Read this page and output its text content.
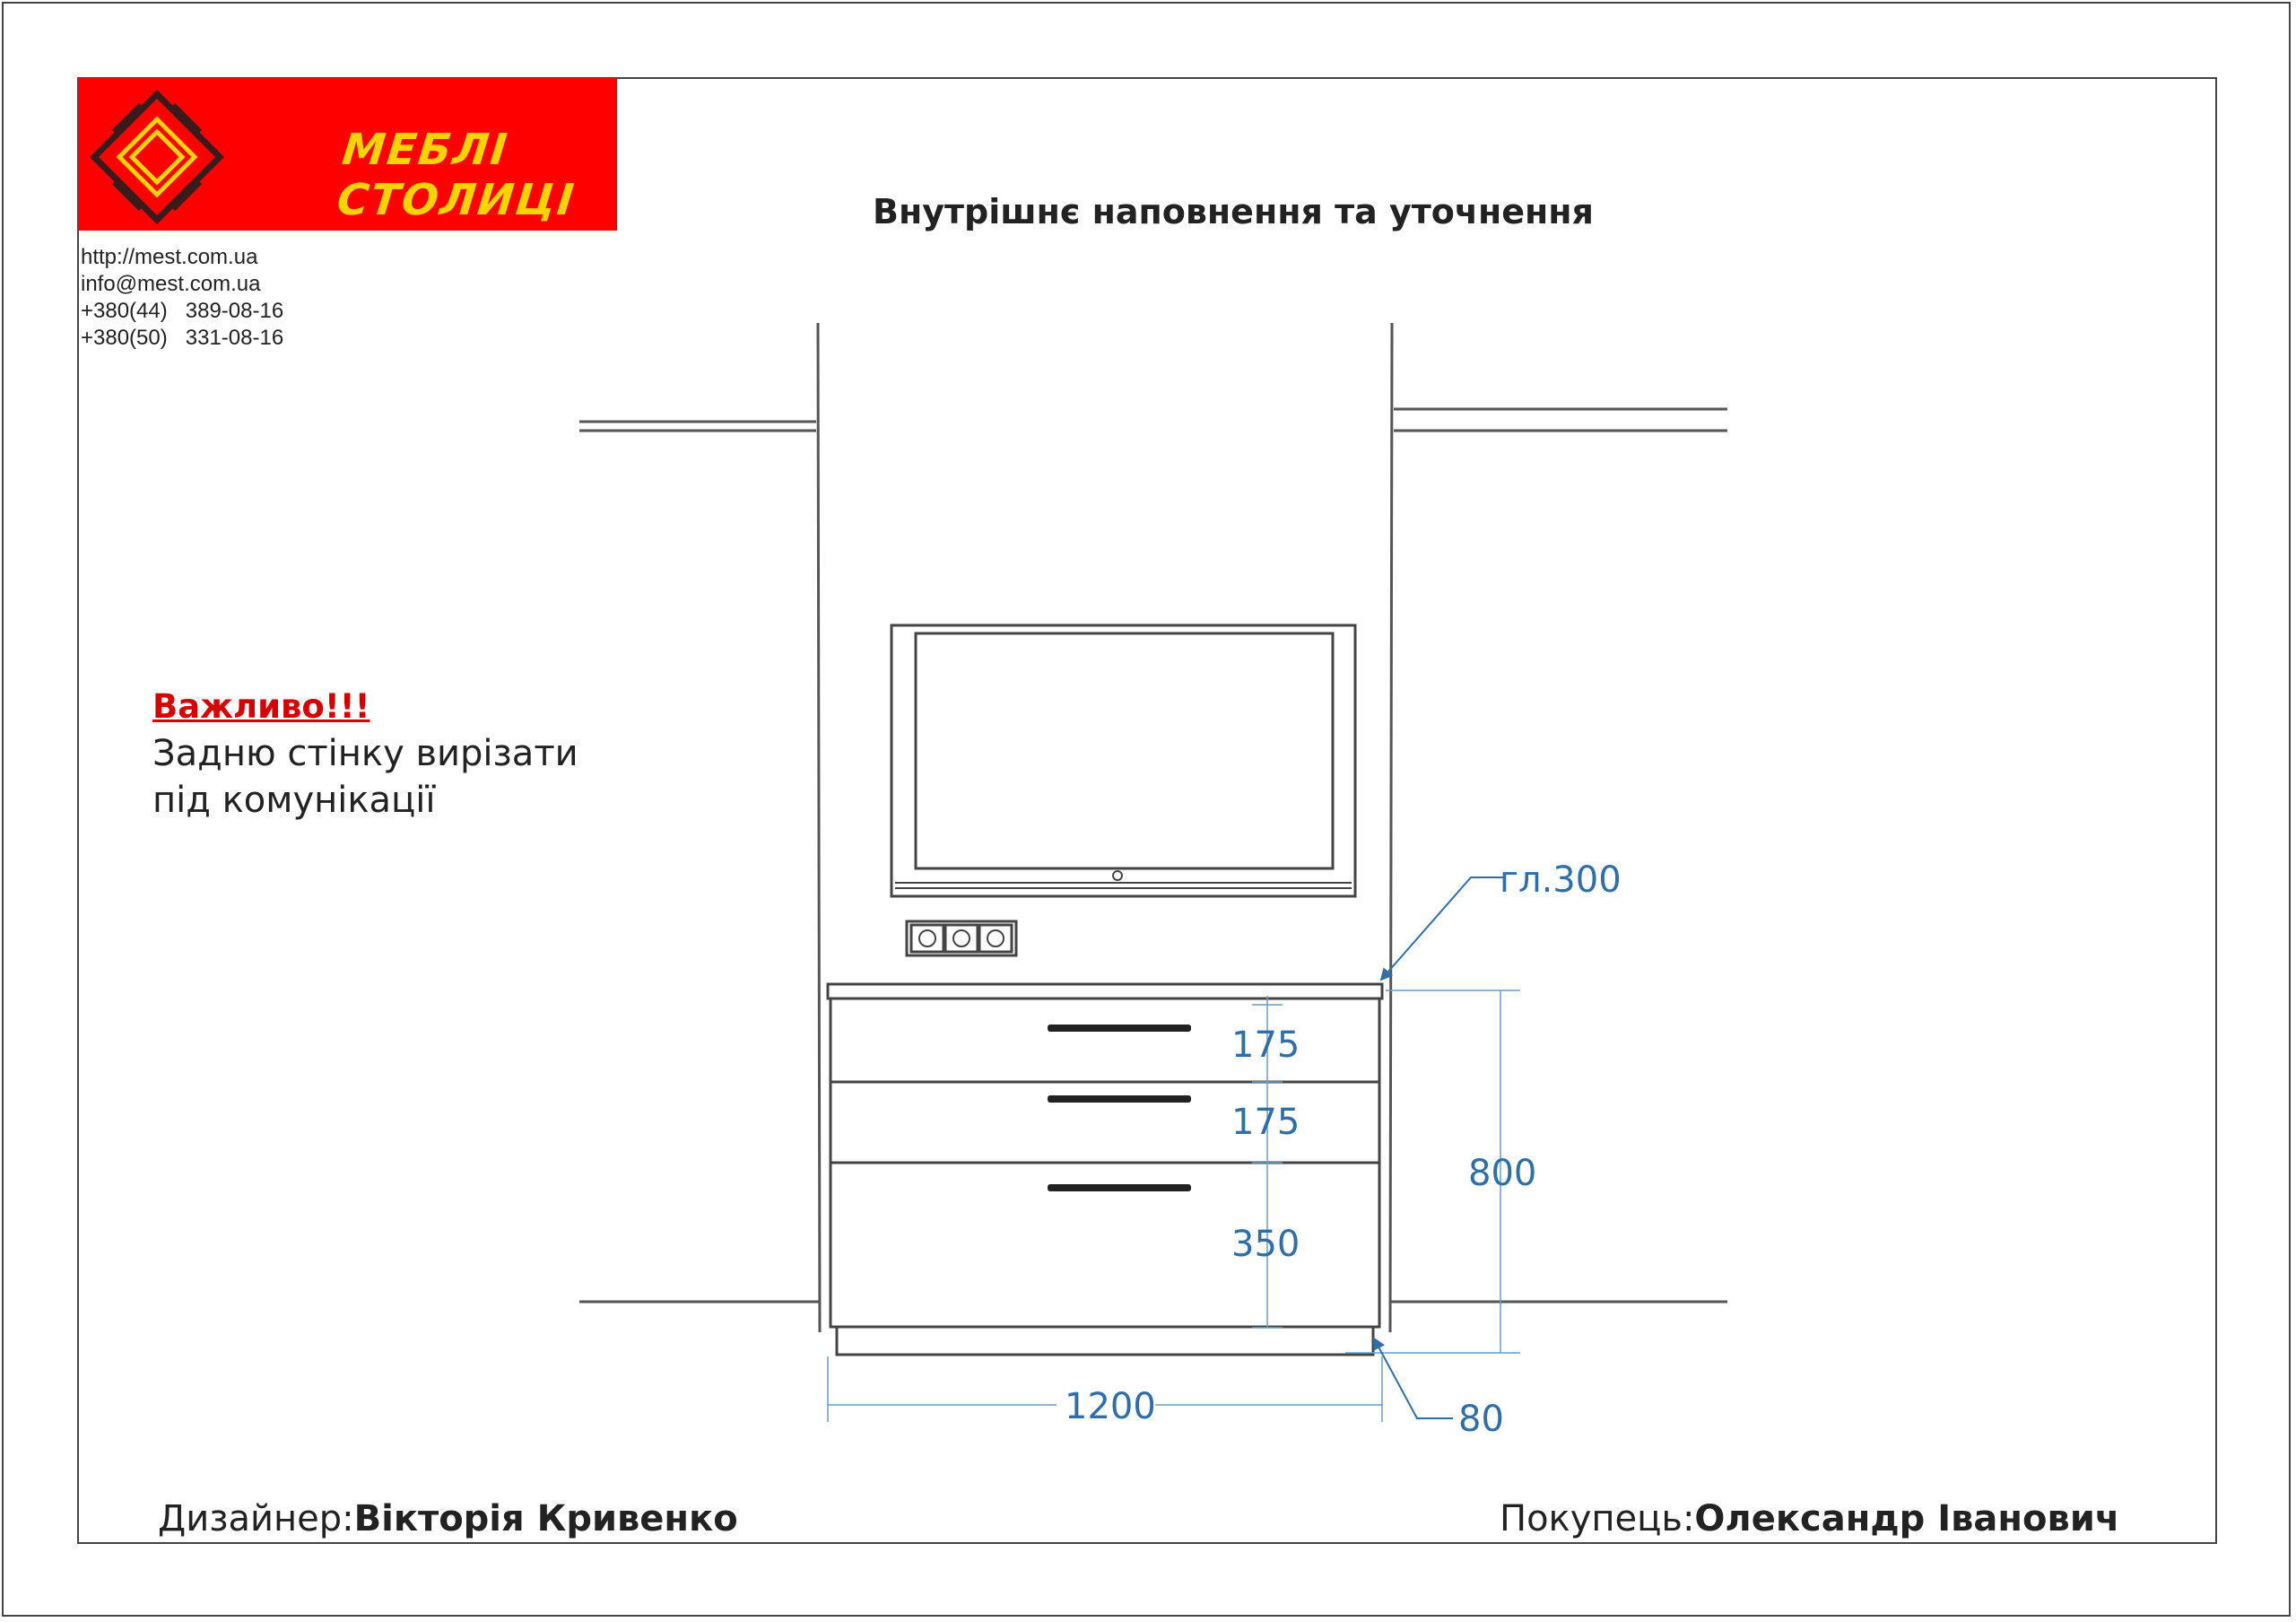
МЕБЛІ СТОЛИЦІ
http://mest.com.ua
info@mest.com.ua
+380(44)   389-08-16
+380(50)   331-08-16
Внутрішнє наповнення та уточнення
Важливо!!!
Задню стінку вирізати
під комунікації
гл.300
175
175
350
800
1200	80
Дизайнер:Вікторія Кривенко	Покупець:Олександр Іванович
